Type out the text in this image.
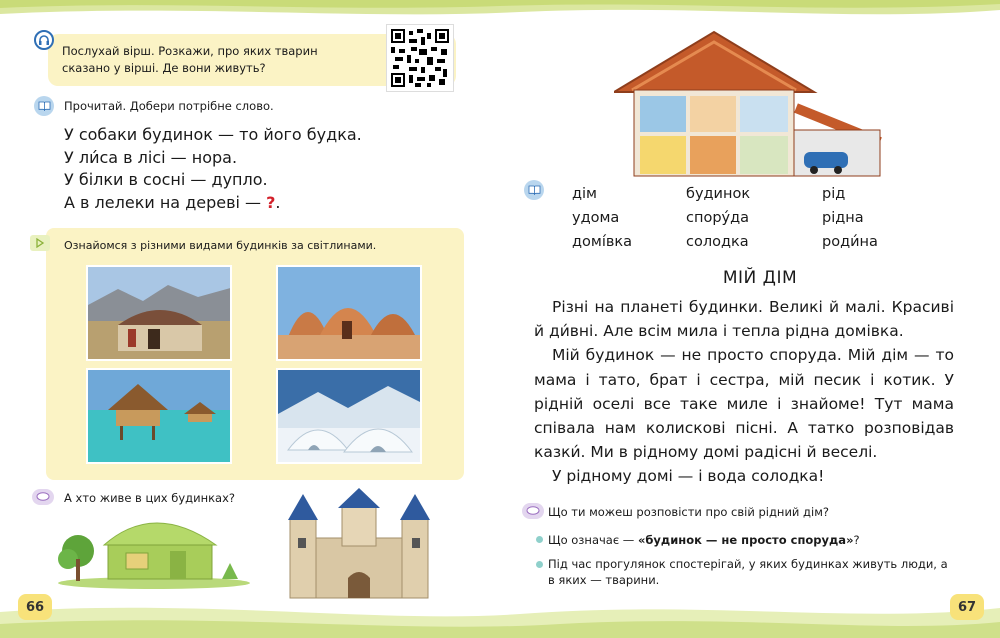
Послухай вірш. Розкажи, про яких тварин сказано у вірші. Де вони живуть?
Прочитай. Добери потрібне слово.
У собаки будинок — то його будка.
У ли́са в лісі — нора.
У білки в сосні — дупло.
А в лелеки на дереві — ?.
Ознайомся з різними видами будинків за світлинами.
А хто живе в цих будинках?
66
дім	будинок	рід
удома	спору́да	рідна
домі́вка	солодка	роди́на
МІЙ ДІМ

Різні на планеті будинки. Великі й малі. Красиві й ди́вні. Але всім мила і тепла рідна домівка.

Мій будинок — не просто споруда. Мій дім — то мама і тато, брат і сестра, мій песик і котик. У рідній оселі все таке миле і знайоме! Тут мама співала нам колискові пісні. А татко розповідав казки́. Ми в рідному домі радісні й веселі.

У рідному домі — і вода солодка!

Що ти можеш розповісти про свій рідний дім?
Що означає — «будинок — не просто споруда»?
Під час прогулянок спостерігай, у яких будинках живуть люди, а в яких — тварини.
67
